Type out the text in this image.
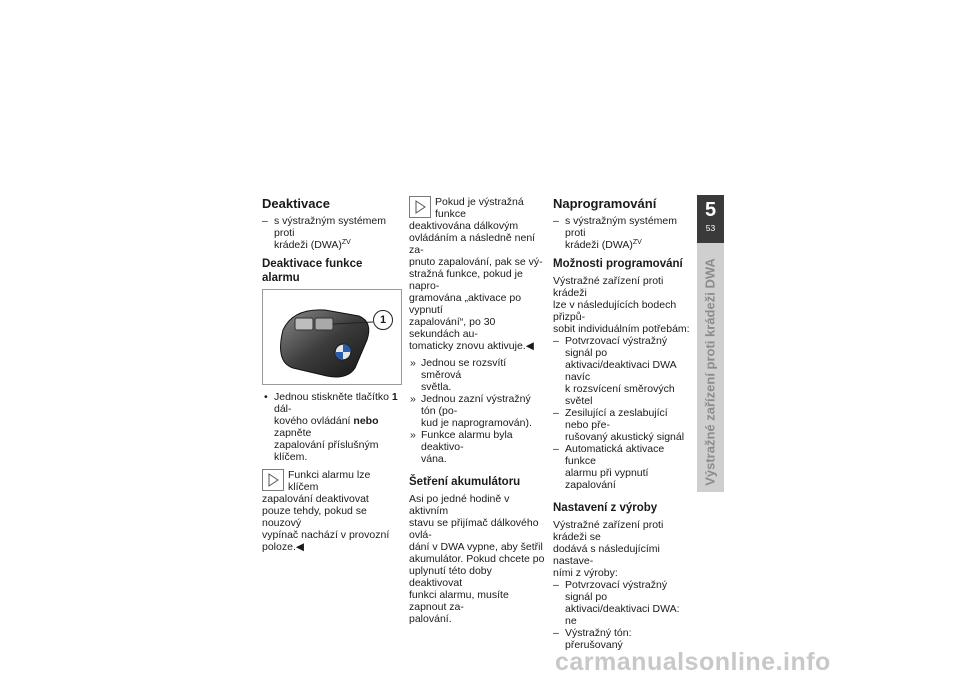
Deaktivace

– s výstražným systémem proti
krádeži (DWA)$^{ZV}$

Deaktivace funkce alarmu
1

• Jednou stiskněte tlačítko 1 dál-
kového ovládání nebo zapněte
zapalování příslušným klíčem.

Funkci alarmu lze klíčem
zapalování deaktivovat
pouze tehdy, pokud se nouzový
vypínač nachází v provozní
poloze.◀
Pokud je výstražná funkce
deaktivována dálkovým
ovládáním a následně není za-
pnuto zapalování, pak se vý-
stražná funkce, pokud je napro-
gramována „aktivace po vypnutí
zapalování“, po 30 sekundách au-
tomaticky znovu aktivuje.◀

» Jednou se rozsvítí směrová
světla.

» Jednou zazní výstražný tón (po-
kud je naprogramován).

» Funkce alarmu byla deaktivo-
vána.

Šetření akumulátoru

Asi po jedné hodině v aktivním
stavu se přijímač dálkového ovlá-
dání v DWA vypne, aby šetřil
akumulátor. Pokud chcete po
uplynutí této doby deaktivovat
funkci alarmu, musíte zapnout za-
palování.

Naprogramování

– s výstražným systémem proti
krádeži (DWA)$^{ZV}$

Možnosti programování

Výstražné zařízení proti krádeži
lze v následujících bodech přizpů-
sobit individuálním potřebám:

– Potvrzovací výstražný signál po
aktivaci/deaktivaci DWA navíc
k rozsvícení směrových světel

– Zesilující a zeslabující nebo pře-
rušovaný akustický signál

– Automatická aktivace funkce
alarmu při vypnutí zapalování

Nastavení z výroby

Výstražné zařízení proti krádeži se
dodává s následujícími nastave-
ními z výroby:

– Potvrzovací výstražný signál po
aktivaci/deaktivaci DWA: ne

– Výstražný tón: přerušovaný

5
53
Výstražné zařízení proti krádeži DWA
carmanualsonline.info
